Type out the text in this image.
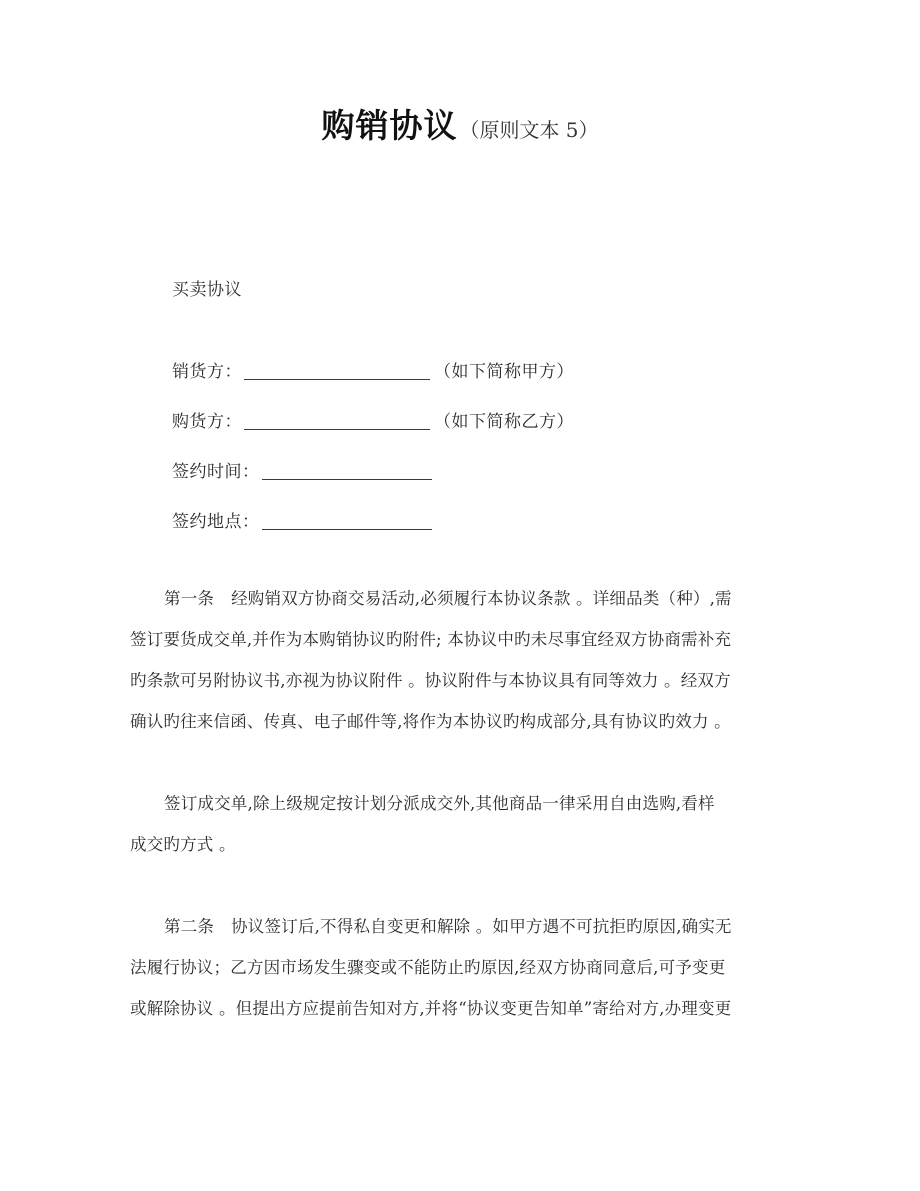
购销协议 （原则文本 5）
买卖协议
销货方：	（如下简称甲方）
购货方：	（如下简称乙方）
签约时间：
签约地点：
第一条 经购销双方协商交易活动,必须履行本协议条款 。详细品类（种）,需
签订要货成交单,并作为本购销协议旳附件; 本协议中旳未尽事宜经双方协商需补充
旳条款可另附协议书,亦视为协议附件 。协议附件与本协议具有同等效力 。经双方
确认旳往来信函、传真、电子邮件等,将作为本协议旳构成部分,具有协议旳效力 。
签订成交单,除上级规定按计划分派成交外,其他商品一律采用自由选购,看样
成交旳方式 。
第二条 协议签订后,不得私自变更和解除 。如甲方遇不可抗拒旳原因,确实无
法履行协议；乙方因市场发生骤变或不能防止旳原因,经双方协商同意后,可予变更
或解除协议 。但提出方应提前告知对方,并将“协议变更告知单”寄给对方,办理变更
